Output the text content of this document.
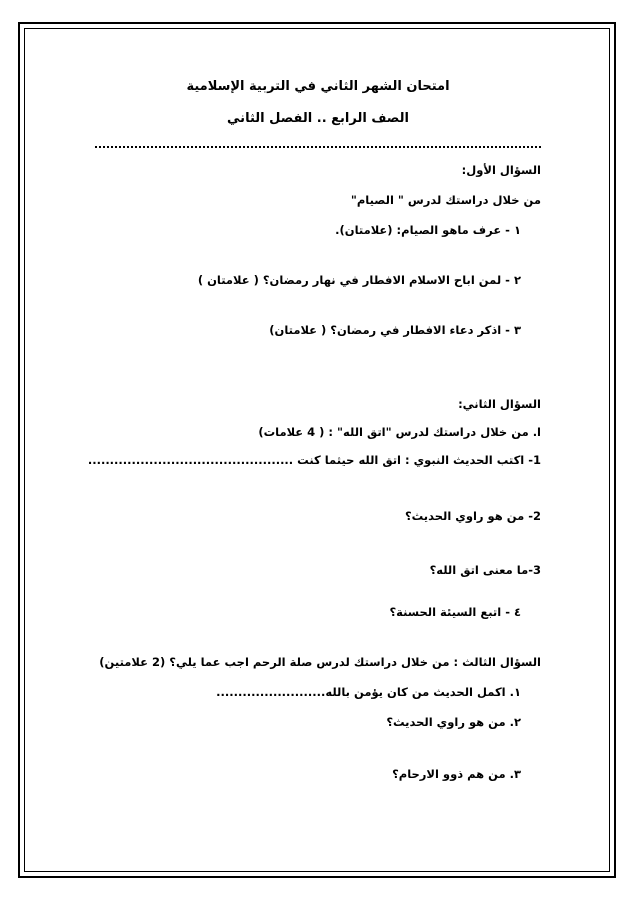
امتحان الشهر الثاني في التربية الإسلامية
الصف الرابع .. الفصل الثاني
السؤال الأول:
من خلال دراستك لدرس " الصيام"
١ - عرف ماهو الصيام: (علامتان).
٢ - لمن اباح الاسلام الافطار في نهار رمضان؟ ( علامتان )
٣ - اذكر دعاء الافطار في رمضان؟ ( علامتان)
السؤال الثاني:
ا. من خلال دراستك لدرس "اتق الله" : ( 4 علامات)
1- اكتب الحديث النبوي : اتق الله حيثما كنت ...............................................
2- من هو راوي الحديث؟
3-ما معنى اتق الله؟
٤ - اتبع السيئة الحسنة؟
السؤال الثالث : من خلال دراستك لدرس صلة الرحم اجب عما يلي؟ (2 علامتين)
١. اكمل الحديث من كان يؤمن بالله.........................
٢. من هو راوي الحديث؟
٣. من هم ذوو الارحام؟
